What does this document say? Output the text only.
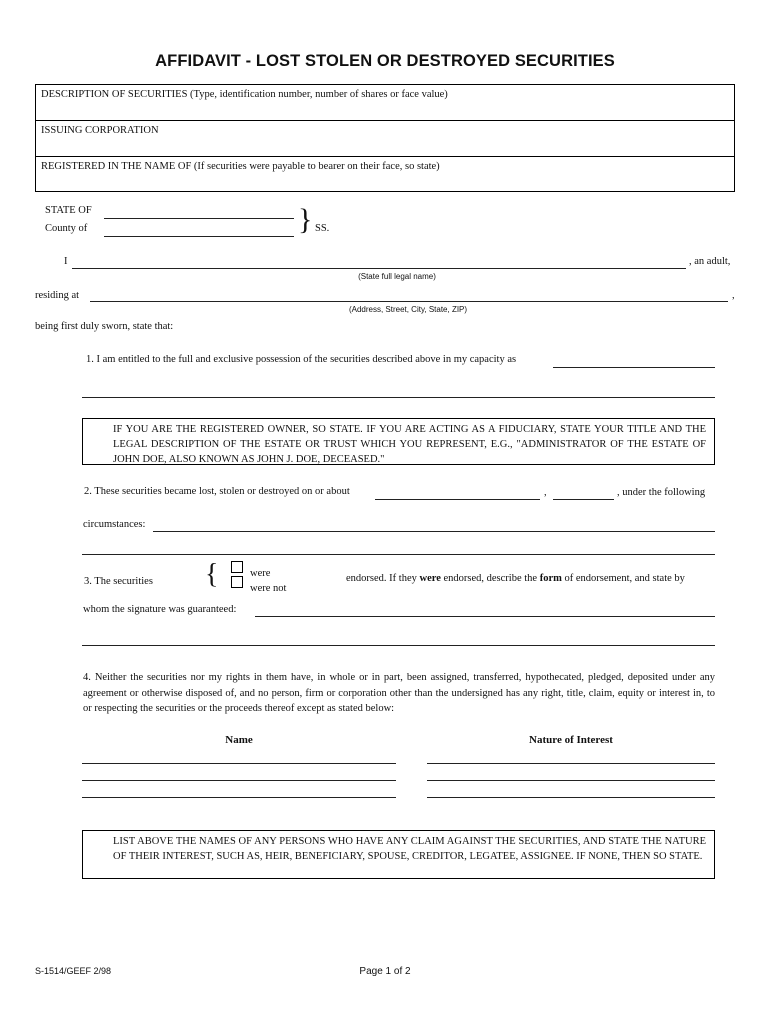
AFFIDAVIT - LOST STOLEN OR DESTROYED SECURITIES
DESCRIPTION OF SECURITIES (Type, identification number, number of shares or face value)
ISSUING CORPORATION
REGISTERED IN THE NAME OF (If securities were payable to bearer on their face, so state)
STATE OF
County of	} SS.
I	, an adult,
(State full legal name)
residing at	,
(Address, Street, City, State, ZIP)
being first duly sworn, state that:
1. I am entitled to the full and exclusive possession of the securities described above in my capacity as
IF YOU ARE THE REGISTERED OWNER, SO STATE. IF YOU ARE ACTING AS A FIDUCIARY, STATE YOUR TITLE AND THE LEGAL DESCRIPTION OF THE ESTATE OR TRUST WHICH YOU REPRESENT, E.G., "ADMINISTRATOR OF THE ESTATE OF JOHN DOE, ALSO KNOWN AS JOHN J. DOE, DECEASED."
2. These securities became lost, stolen or destroyed on or about	,	, under the following
circumstances:
3. The securities {	were
were not
endorsed. If they were endorsed, describe the form of endorsement, and state by
whom the signature was guaranteed:
4. Neither the securities nor my rights in them have, in whole or in part, been assigned, transferred, hypothecated, pledged, deposited under any agreement or otherwise disposed of, and no person, firm or corporation other than the undersigned has any right, title, claim, equity or interest in, to or respecting the securities or the proceeds thereof except as stated below:
Name	Nature of Interest
LIST ABOVE THE NAMES OF ANY PERSONS WHO HAVE ANY CLAIM AGAINST THE SECURITIES, AND STATE THE NATURE OF THEIR INTEREST, SUCH AS, HEIR, BENEFICIARY, SPOUSE, CREDITOR, LEGATEE, ASSIGNEE. IF NONE, THEN SO STATE.
S-1514/GEEF 2/98	Page 1 of 2
